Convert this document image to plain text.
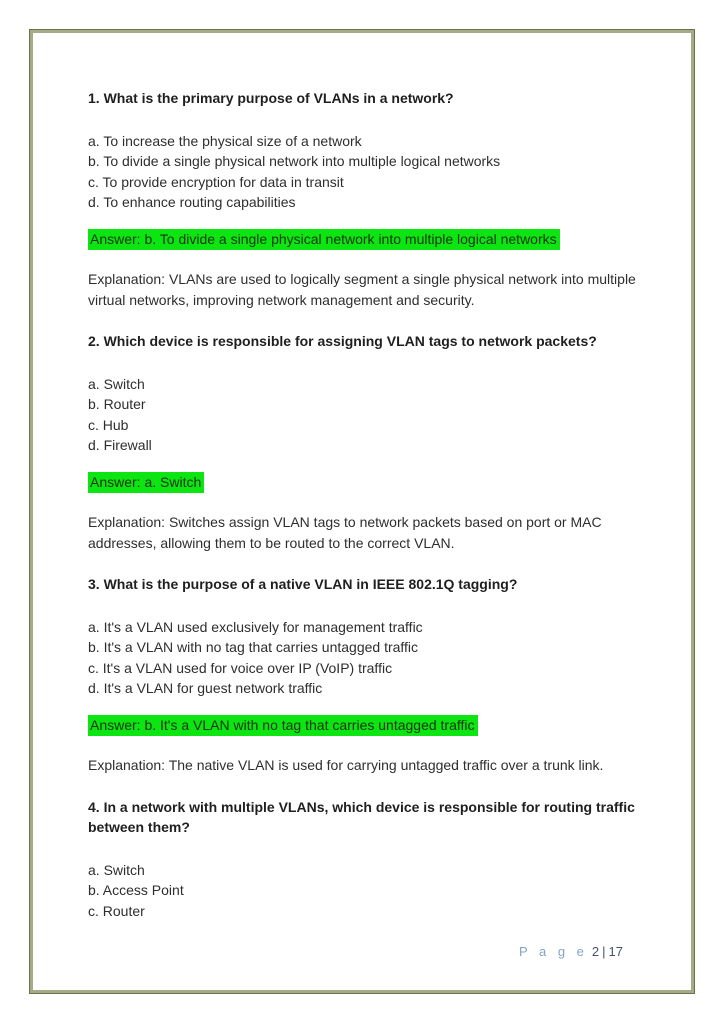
1. What is the primary purpose of VLANs in a network?

a. To increase the physical size of a network

b. To divide a single physical network into multiple logical networks

c. To provide encryption for data in transit

d. To enhance routing capabilities

Answer: b. To divide a single physical network into multiple logical networks

Explanation: VLANs are used to logically segment a single physical network into multiple virtual networks, improving network management and security.

2. Which device is responsible for assigning VLAN tags to network packets?

a. Switch

b. Router

c. Hub

d. Firewall

Answer: a. Switch

Explanation: Switches assign VLAN tags to network packets based on port or MAC addresses, allowing them to be routed to the correct VLAN.

3. What is the purpose of a native VLAN in IEEE 802.1Q tagging?

a. It's a VLAN used exclusively for management traffic

b. It's a VLAN with no tag that carries untagged traffic

c. It's a VLAN used for voice over IP (VoIP) traffic

d. It's a VLAN for guest network traffic

Answer: b. It's a VLAN with no tag that carries untagged traffic

Explanation: The native VLAN is used for carrying untagged traffic over a trunk link.

4. In a network with multiple VLANs, which device is responsible for routing traffic between them?

a. Switch

b. Access Point

c. Router

P a g e 2 | 17
